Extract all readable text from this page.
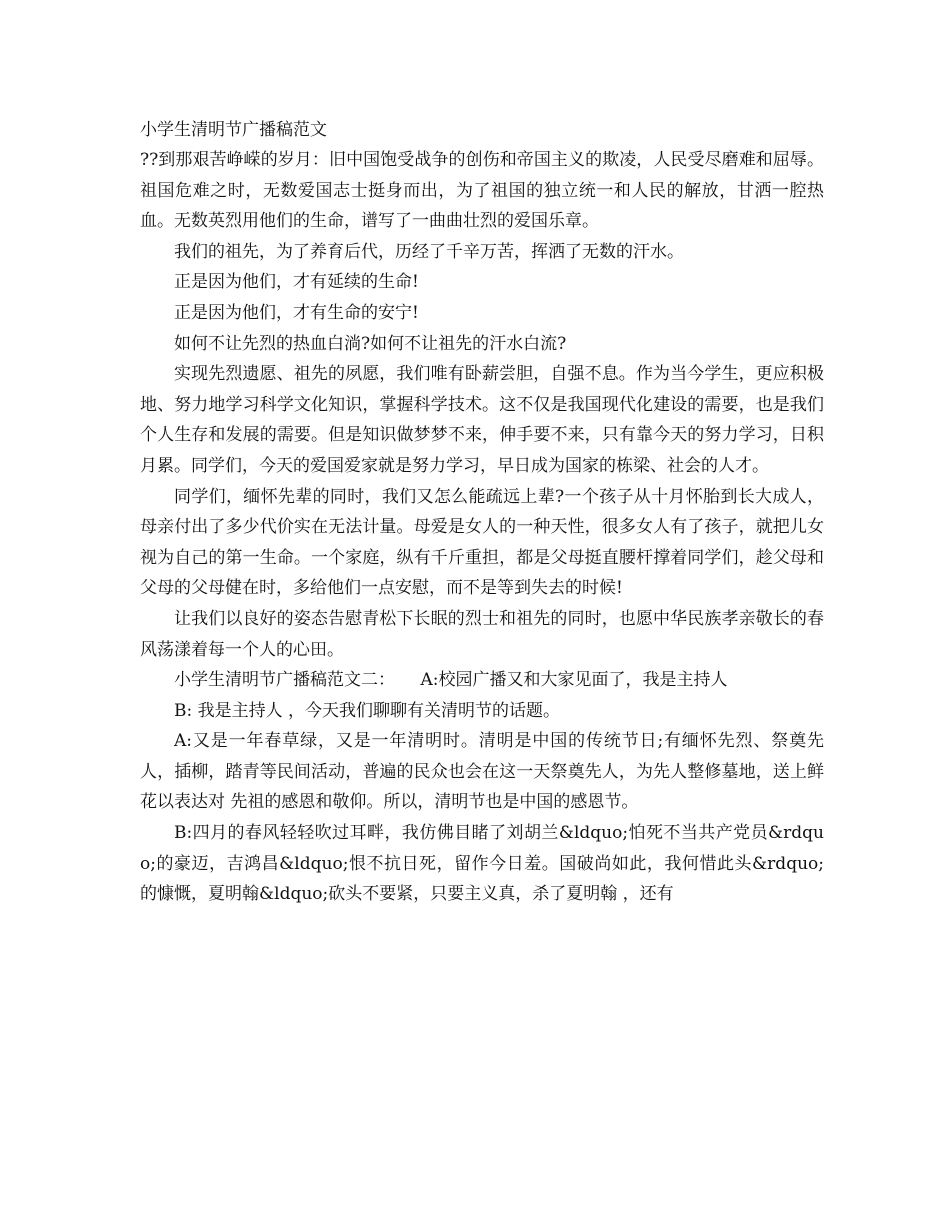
小学生清明节广播稿范文

??到那艰苦峥嵘的岁月：旧中国饱受战争的创伤和帝国主义的欺凌，人民受尽磨难和屈辱。祖国危难之时，无数爱国志士挺身而出，为了祖国的独立统一和人民的解放，甘洒一腔热血。无数英烈用他们的生命，谱写了一曲曲壮烈的爱国乐章。

我们的祖先，为了养育后代，历经了千辛万苦，挥洒了无数的汗水。

正是因为他们，才有延续的生命!

正是因为他们，才有生命的安宁!

如何不让先烈的热血白淌?如何不让祖先的汗水白流?

实现先烈遗愿、祖先的夙愿，我们唯有卧薪尝胆，自强不息。作为当今学生，更应积极地、努力地学习科学文化知识，掌握科学技术。这不仅是我国现代化建设的需要，也是我们个人生存和发展的需要。但是知识做梦梦不来，伸手要不来，只有靠今天的努力学习，日积月累。同学们，今天的爱国爱家就是努力学习，早日成为国家的栋梁、社会的人才。

同学们，缅怀先辈的同时，我们又怎么能疏远上辈?一个孩子从十月怀胎到长大成人，母亲付出了多少代价实在无法计量。母爱是女人的一种天性，很多女人有了孩子，就把儿女视为自己的第一生命。一个家庭，纵有千斤重担，都是父母挺直腰杆撑着同学们，趁父母和父母的父母健在时，多给他们一点安慰，而不是等到失去的时候!

让我们以良好的姿态告慰青松下长眠的烈士和祖先的同时，也愿中华民族孝亲敬长的春风荡漾着每一个人的心田。

小学生清明节广播稿范文二：　　A:校园广播又和大家见面了，我是主持人

B: 我是主持人 ，今天我们聊聊有关清明节的话题。

A:又是一年春草绿，又是一年清明时。清明是中国的传统节日;有缅怀先烈、祭奠先人，插柳，踏青等民间活动，普遍的民众也会在这一天祭奠先人，为先人整修墓地，送上鲜花以表达对 先祖的感恩和敬仰。所以，清明节也是中国的感恩节。

B:四月的春风轻轻吹过耳畔，我仿佛目睹了刘胡兰&ldquo;怕死不当共产党员&rdquo;的豪迈，吉鸿昌&ldquo;恨不抗日死，留作今日羞。国破尚如此，我何惜此头&rdquo;的慷慨，夏明翰&ldquo;砍头不要紧，只要主义真，杀了夏明翰 ，还有
